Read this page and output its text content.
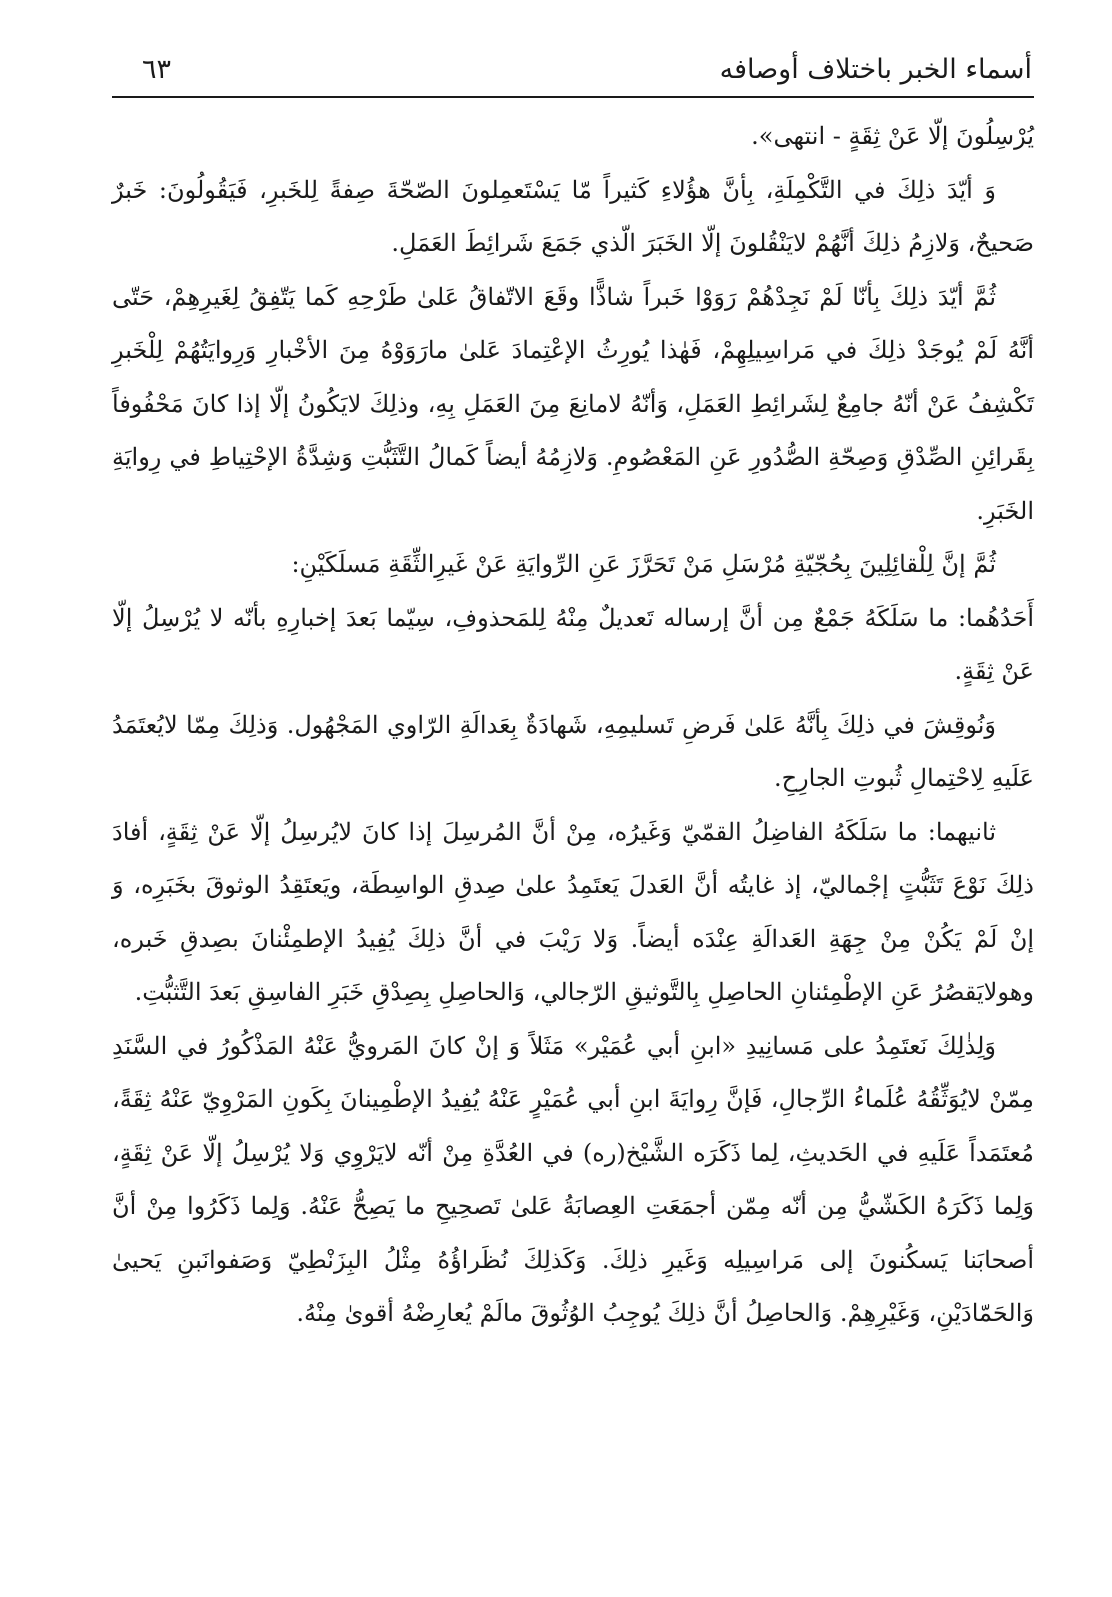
أسماء الخبر باختلاف أوصافه
٦٣

يُرْسِلُونَ إلّا عَنْ ثِقَةٍ - انتهى».

وَ أيّدَ ذلِكَ في التَّكْمِلَةِ، بِأنَّ هؤُلاءِ كَثيراً مّا يَسْتَعمِلونَ الصّحّةَ صِفةً لِلخَبرِ، فَيَقُولُونَ: خَبرٌ صَحيحٌ، وَلازِمُ ذلِكَ أنَّهُمْ لايَنْقُلونَ إلّا الخَبَرَ الّذي جَمَعَ شَرائِطَ العَمَلِ.

ثُمَّ أيّدَ ذلِكَ بِأنّا لَمْ نَجِدْهُمْ رَوَوْا خَبراً شاذًّا وقَعَ الاتّفاقُ عَلىٰ طَرْحِهِ كَما يَتّفِقُ لِغَيرِهِمْ، حَتّى أنَّهُ لَمْ يُوجَدْ ذلِكَ في مَراسِيلِهِمْ، فَهٰذا يُورِثُ الإعْتِمادَ عَلىٰ مارَوَوْهُ مِنَ الأخْبارِ وَرِوايَتُهُمْ لِلْخَبرِ تَكْشِفُ عَنْ أنّهُ جامِعٌ لِشَرائِطِ العَمَلِ، وَأنّهُ لامانِعَ مِنَ العَمَلِ بِهِ، وذلِكَ لايَكُونُ إلّا إذا كانَ مَحْفُوفاً بِقَرائِنِ الصِّدْقِ وَصِحّةِ الصُّدُورِ عَنِ المَعْصُومِ. وَلازِمُهُ أيضاً كَمالُ التَّثَبُّتِ وَشِدَّةُ الإحْتِياطِ في رِوايَةِ الخَبَرِ.

ثُمَّ إنَّ لِلْقائِلِينَ بِحُجّيّةِ مُرْسَلِ مَنْ تَحَرَّزَ عَنِ الرِّوايَةِ عَنْ غَيرِالثِّقَةِ مَسلَكَيْنِ:

أَحَدُهُما: ما سَلَكَهُ جَمْعٌ مِن أنَّ إرساله تَعديلٌ مِنْهُ لِلمَحذوفِ، سِيّما بَعدَ إخبارِهِ بأنّه لا يُرْسِلُ إلّا عَنْ ثِقَةٍ.

وَنُوقِشَ في ذلِكَ بِأنَّهُ عَلىٰ فَرضِ تَسليمِهِ، شَهادَةٌ بِعَدالَةِ الرّاوي المَجْهُول. وَذلِكَ مِمّا لايُعتَمَدُ عَلَيهِ لِاحْتِمالِ ثُبوتِ الجارِحِ.

ثانيهما: ما سَلَكَهُ الفاضِلُ القمّيّ وَغَيرُه، مِنْ أنَّ المُرسِلَ إذا كانَ لايُرسِلُ إلّا عَنْ ثِقَةٍ، أفادَ ذلِكَ نَوْعَ تَثَبُّتٍ إجْماليّ، إذ غايتُه أنَّ العَدلَ يَعتَمِدُ علىٰ صِدقِ الواسِطَة، ويَعتَقِدُ الوثوقَ بخَبَرِه، وَ إنْ لَمْ يَكُنْ مِنْ جِهَةِ العَدالَةِ عِنْدَه أيضاً. وَلا رَيْبَ في أنَّ ذلِكَ يُفِيدُ الإطمِئْنانَ بصِدقِ خَبره، وهولايَقصُرُ عَنِ الإطْمِئنانِ الحاصِلِ بِالتَّوثيقِ الرّجالي، وَالحاصِلِ بِصِدْقِ خَبَرِ الفاسِقِ بَعدَ التَّثبُّتِ.

وَلِذٰلِكَ نَعتَمِدُ على مَسانِيدِ «ابنِ أبي عُمَيْر» مَثَلاً وَ إنْ كانَ المَرويُّ عَنْهُ المَذْكُورُ في السَّنَدِ مِمّنْ لايُوَثِّقُهُ عُلَماءُ الرِّجالِ، فَإنَّ رِوايَةَ ابنِ أبي عُمَيْرٍ عَنْهُ يُفِيدُ الإطْمِينانَ بِكَونِ المَرْوِيّ عَنْهُ ثِقَةً، مُعتَمَداً عَلَيهِ في الحَديثِ، لِما ذَكَرَه الشَّيْخ(ره) في العُدَّةِ مِنْ أنّه لايَرْوِي وَلا يُرْسِلُ إلّا عَنْ ثِقَةٍ، وَلِما ذَكَرَهُ الكَشّيُّ مِن أنّه مِمّن أجمَعَتِ العِصابَةُ عَلىٰ تَصحِيحِ ما يَصِحُّ عَنْهُ. وَلِما ذَكَرُوا مِنْ أنَّ أصحابَنا يَسكُنونَ إلى مَراسِيلِه وَغَيرِ ذلِكَ. وَكَذلِكَ نُظَراؤُهُ مِثْلُ البِزَنْطِيّ وَصَفوانَبنِ يَحيىٰ وَالحَمّادَيْنِ، وَغَيْرِهِمْ. وَالحاصِلُ أنَّ ذلِكَ يُوجِبُ الوُثُوقَ مالَمْ يُعارِضْهُ أقوىٰ مِنْهُ.
